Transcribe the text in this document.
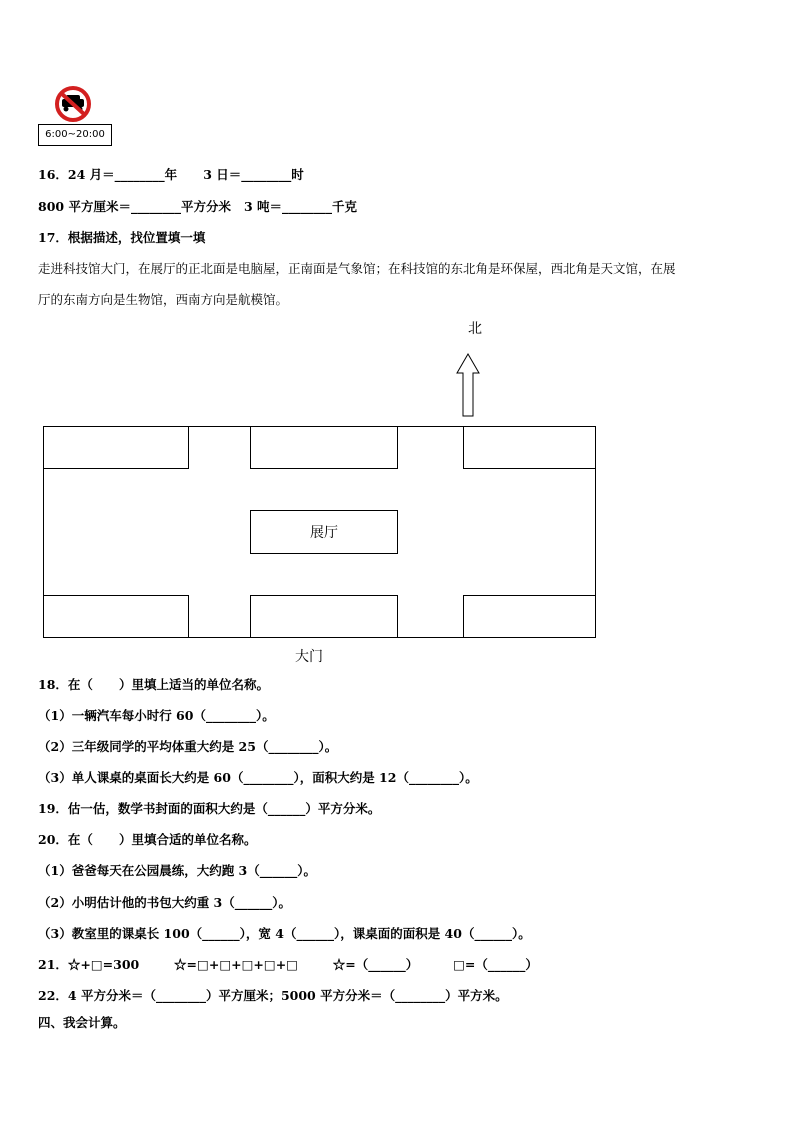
6:00~20:00
16．24 月＝________年      3 日＝________时
800 平方厘米＝________平方分米   3 吨＝________千克
17．根据描述，找位置填一填
走进科技馆大门，在展厅的正北面是电脑屋，正南面是气象馆；在科技馆的东北角是环保屋，西北角是天文馆，在展
厅的东南方向是生物馆，西南方向是航模馆。
北
展厅
大门
18．在（      ）里填上适当的单位名称。
（1）一辆汽车每小时行 60（________）。
（2）三年级同学的平均体重大约是 25（________）。
（3）单人课桌的桌面长大约是 60（________），面积大约是 12（________）。
19．估一估，数学书封面的面积大约是（______）平方分米。
20．在（      ）里填合适的单位名称。
（1）爸爸每天在公园晨练，大约跑 3（______）。
（2）小明估计他的书包大约重 3（______）。
（3）教室里的课桌长 100（______），宽 4（______），课桌面的面积是 40（______）。
21．☆+□=300        ☆=□+□+□+□+□        ☆=（______）        □=（______）
22．4 平方分米＝（________）平方厘米；5000 平方分米＝（________）平方米。
四、我会计算。
